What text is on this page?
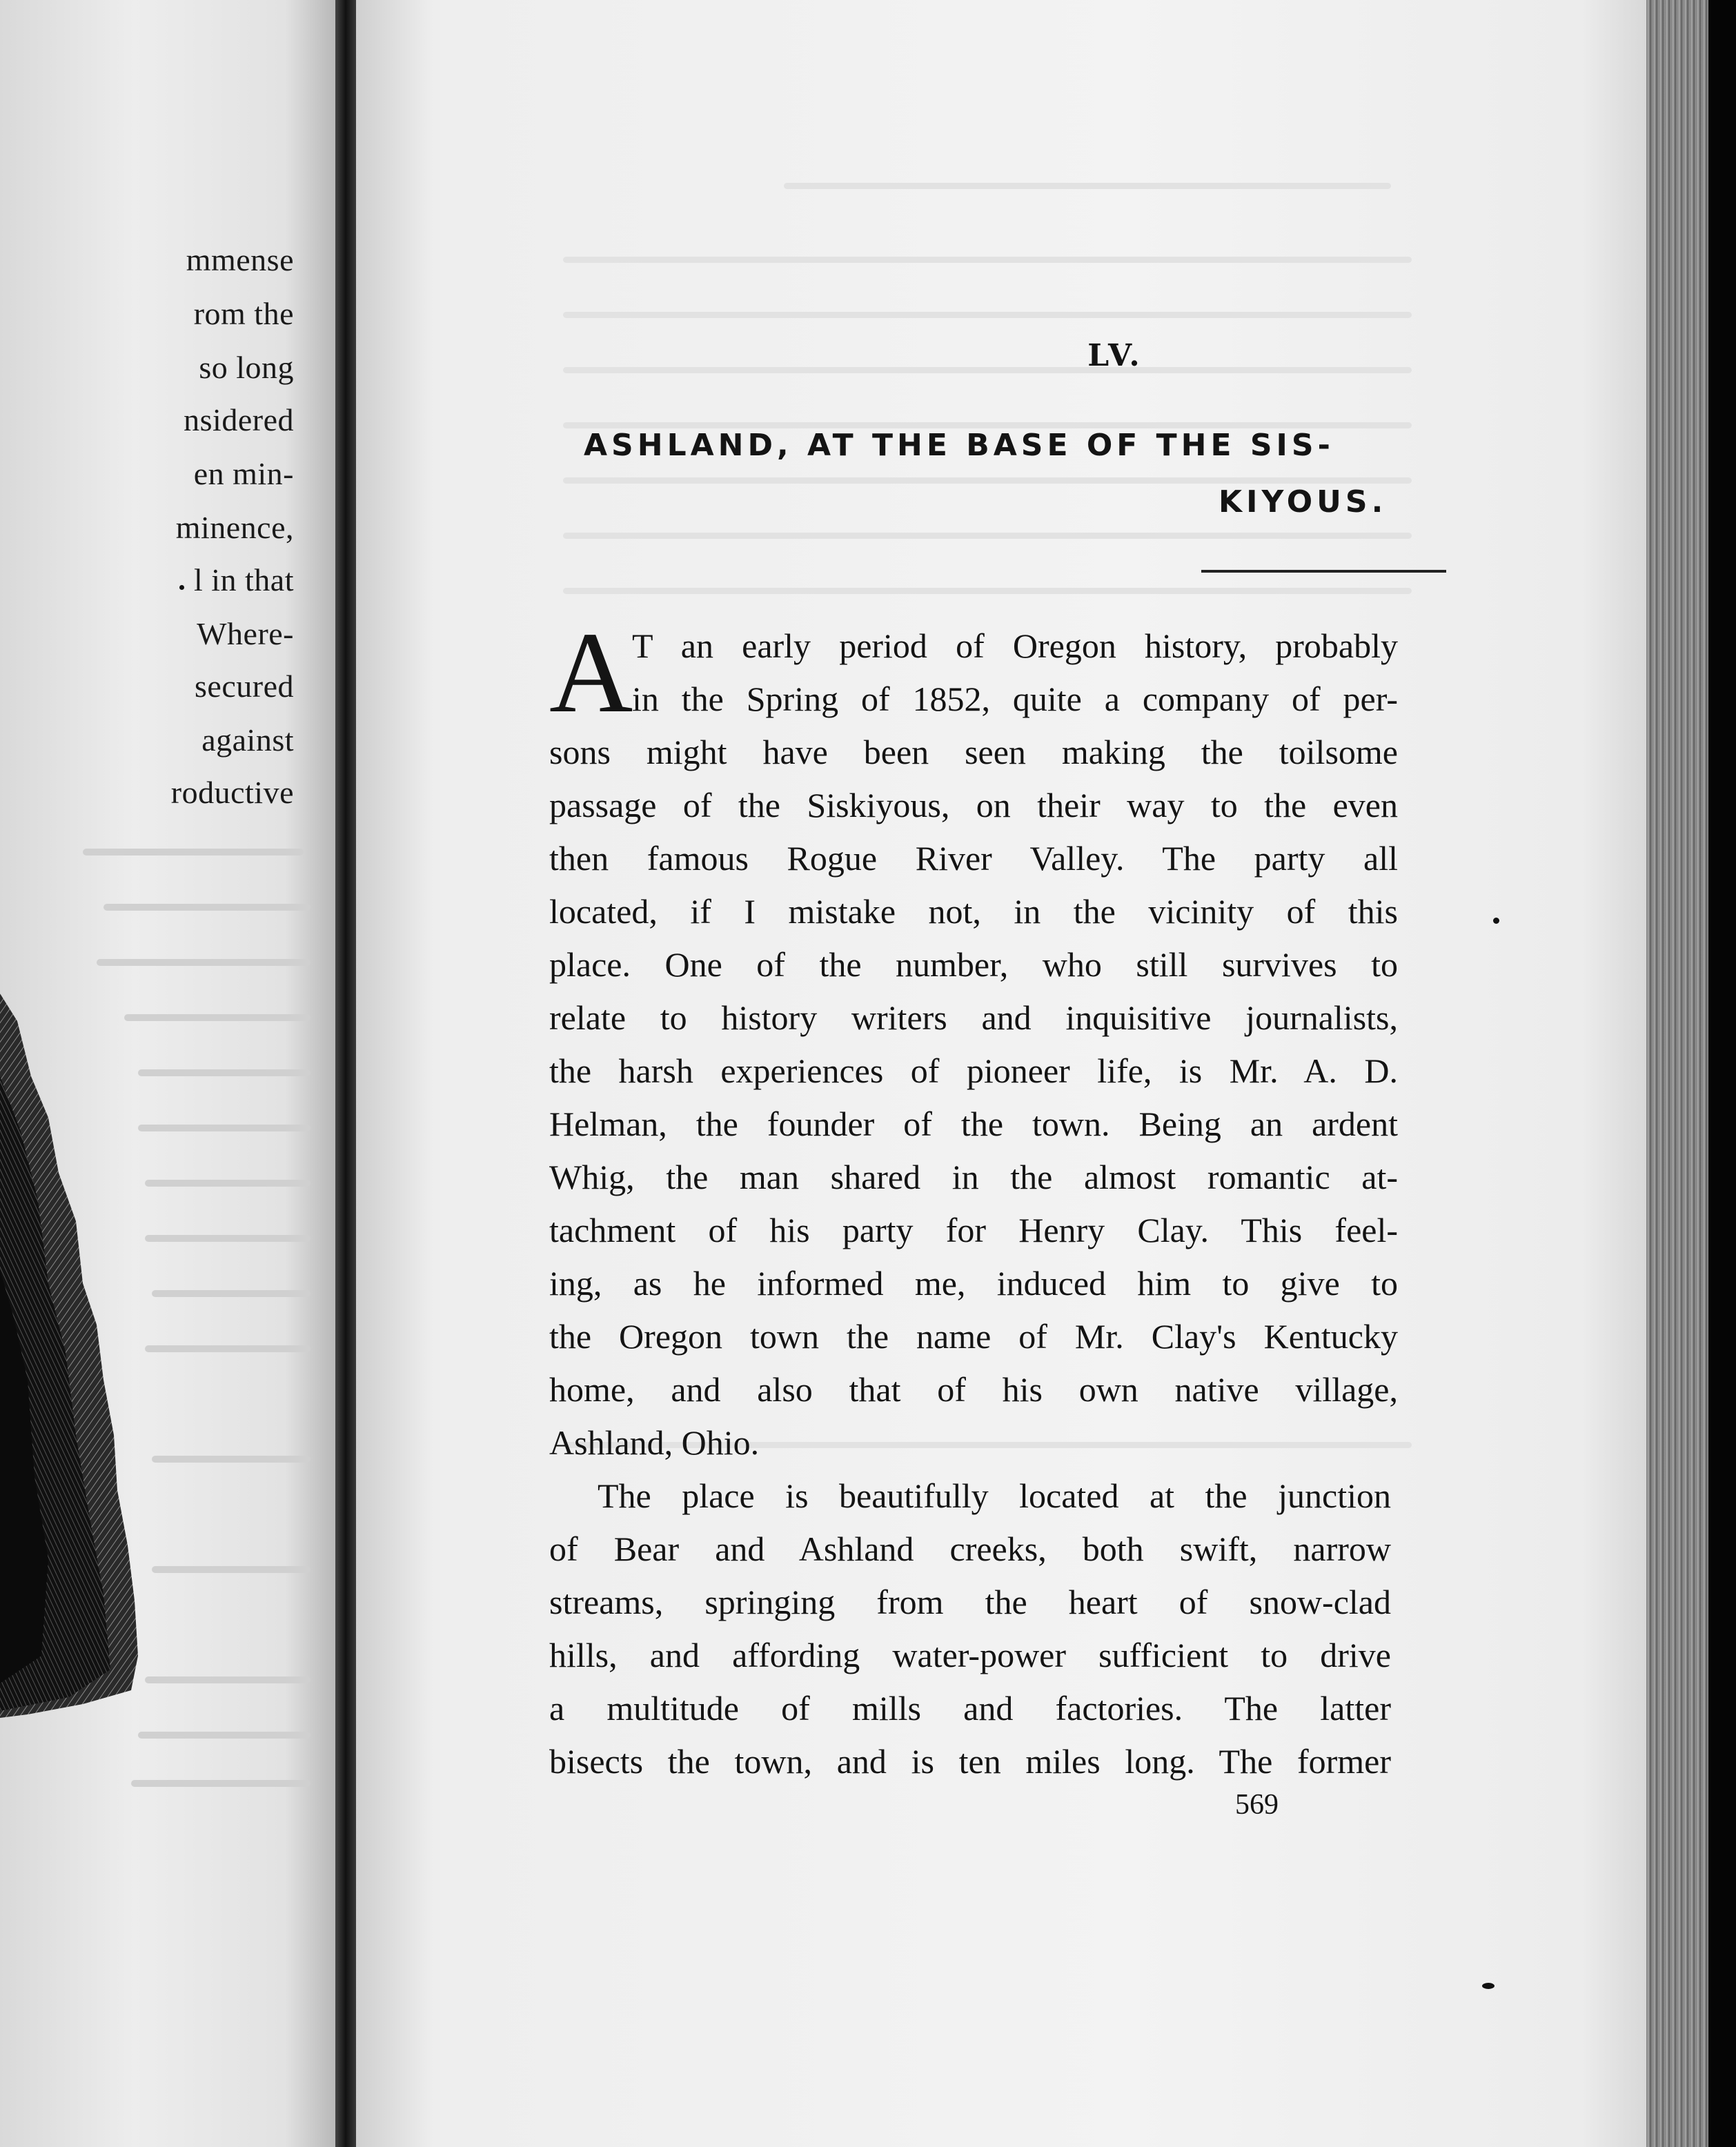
mmense
rom the
so long
nsidered
en min-
minence,
l in that
Where-
secured
against
roductive
LV.
ASHLAND, AT THE BASE OF THE SIS-
KIYOUS.
A
T an early period of Oregon history, probably
in the Spring of 1852, quite a company of per-
sons might have been seen making the toilsome
passage of the Siskiyous, on their way to the even
then famous Rogue River Valley. The party all
located, if I mistake not, in the vicinity of this
place. One of the number, who still survives to
relate to history writers and inquisitive journalists,
the harsh experiences of pioneer life, is Mr. A. D.
Helman, the founder of the town. Being an ardent
Whig, the man shared in the almost romantic at-
tachment of his party for Henry Clay. This feel-
ing, as he informed me, induced him to give to
the Oregon town the name of Mr. Clay's Kentucky
home, and also that of his own native village,
Ashland, Ohio.
The place is beautifully located at the junction
of Bear and Ashland creeks, both swift, narrow
streams, springing from the heart of snow-clad
hills, and affording water-power sufficient to drive
a multitude of mills and factories. The latter
bisects the town, and is ten miles long. The former
569
